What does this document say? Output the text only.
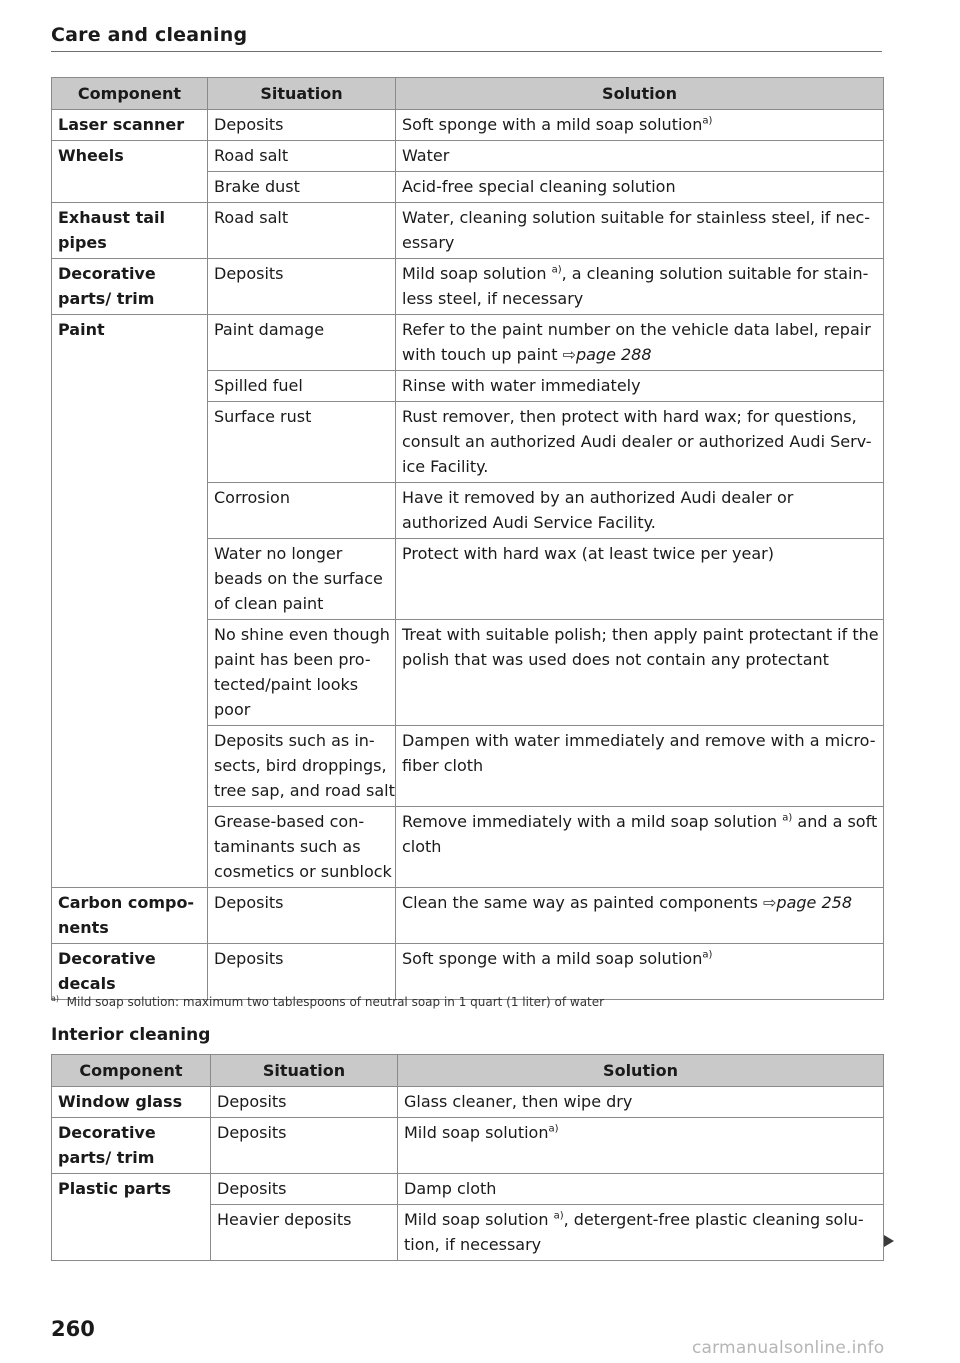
Care and cleaning
Component	Situation	Solution
Laser scanner	Deposits	Soft sponge with a mild soap solution$^{a)}$
Wheels	Road salt	Water
	Brake dust	Acid-free special cleaning solution
Exhaust tail pipes	Road salt	Water, cleaning solution suitable for stainless steel, if nec-essary
Decorative parts/ trim	Deposits	Mild soap solution $^{a)}$, a cleaning solution suitable for stain-less steel, if necessary
Paint	Paint damage	Refer to the paint number on the vehicle data label, repair with touch up paint ⇨page 288
	Spilled fuel	Rinse with water immediately
	Surface rust	Rust remover, then protect with hard wax; for questions, consult an authorized Audi dealer or authorized Audi Serv-ice Facility.
	Corrosion	Have it removed by an authorized Audi dealer or authorized Audi Service Facility.
	Water no longer beads on the surface of clean paint	Protect with hard wax (at least twice per year)
	No shine even though paint has been pro-tected/paint looks poor	Treat with suitable polish; then apply paint protectant if the polish that was used does not contain any protectant
	Deposits such as in-sects, bird droppings, tree sap, and road salt	Dampen with water immediately and remove with a micro-fiber cloth
	Grease-based con-taminants such as cosmetics or sunblock	Remove immediately with a mild soap solution $^{a)}$ and a soft cloth
Carbon compo-nents	Deposits	Clean the same way as painted components ⇨page 258
Decorative decals	Deposits	Soft sponge with a mild soap solution$^{a)}$
$^{a)}$ Mild soap solution: maximum two tablespoons of neutral soap in 1 quart (1 liter) of water
Interior cleaning
Component	Situation	Solution
Window glass	Deposits	Glass cleaner, then wipe dry
Decorative parts/ trim	Deposits	Mild soap solution$^{a)}$
Plastic parts	Deposits	Damp cloth
	Heavier deposits	Mild soap solution $^{a)}$, detergent-free plastic cleaning solu-tion, if necessary
260
carmanualsonline.info
